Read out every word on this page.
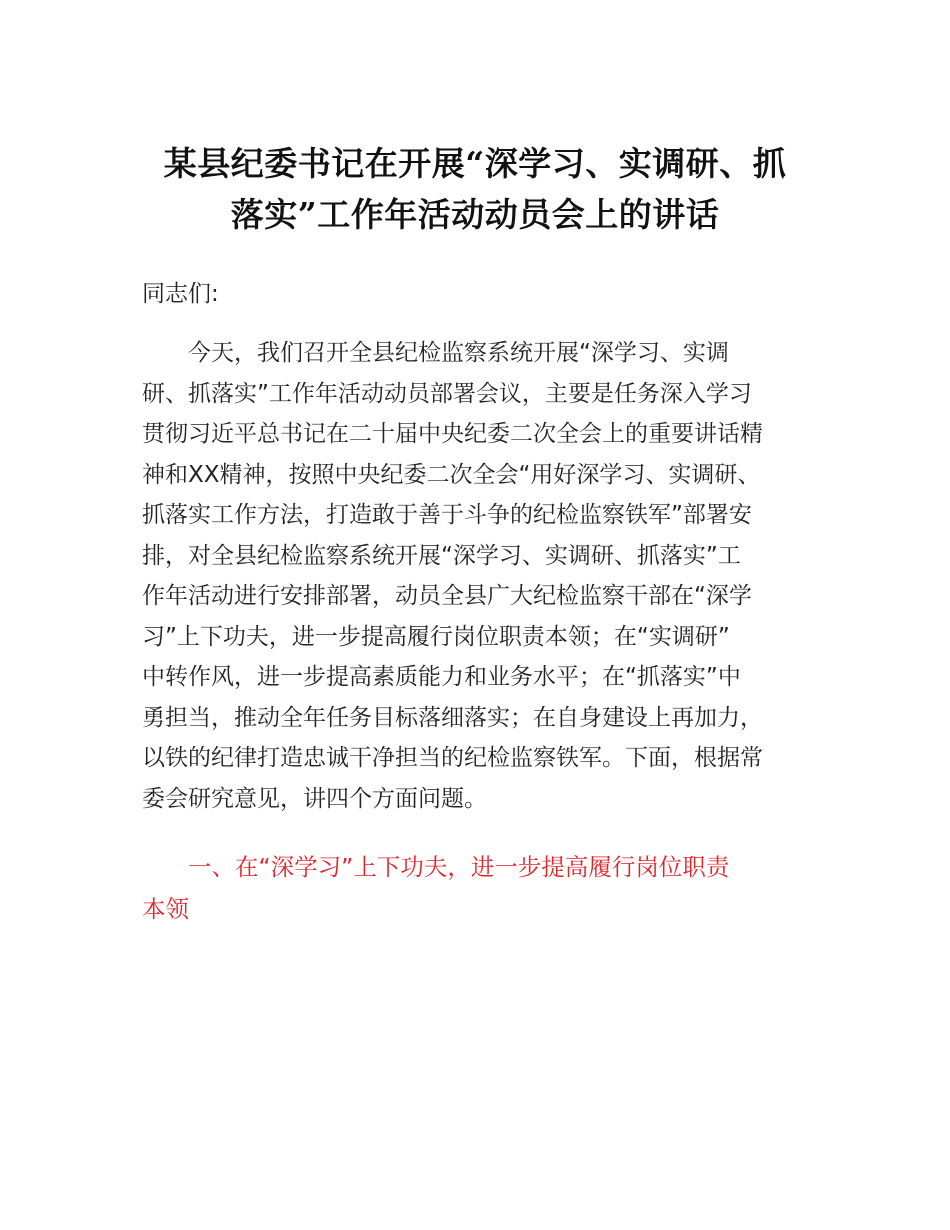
某县纪委书记在开展“深学习、实调研、抓
落实”工作年活动动员会上的讲话
同志们:
今天，我们召开全县纪检监察系统开展“深学习、实调
研、抓落实”工作年活动动员部署会议，主要是任务深入学习
贯彻习近平总书记在二十届中央纪委二次全会上的重要讲话精
神和XX精神，按照中央纪委二次全会“用好深学习、实调研、
抓落实工作方法，打造敢于善于斗争的纪检监察铁军”部署安
排，对全县纪检监察系统开展“深学习、实调研、抓落实”工
作年活动进行安排部署，动员全县广大纪检监察干部在“深学
习”上下功夫，进一步提高履行岗位职责本领；在“实调研”
中转作风，进一步提高素质能力和业务水平；在“抓落实”中
勇担当，推动全年任务目标落细落实；在自身建设上再加力，
以铁的纪律打造忠诚干净担当的纪检监察铁军。下面，根据常
委会研究意见，讲四个方面问题。
一、在“深学习”上下功夫，进一步提高履行岗位职责
本领
